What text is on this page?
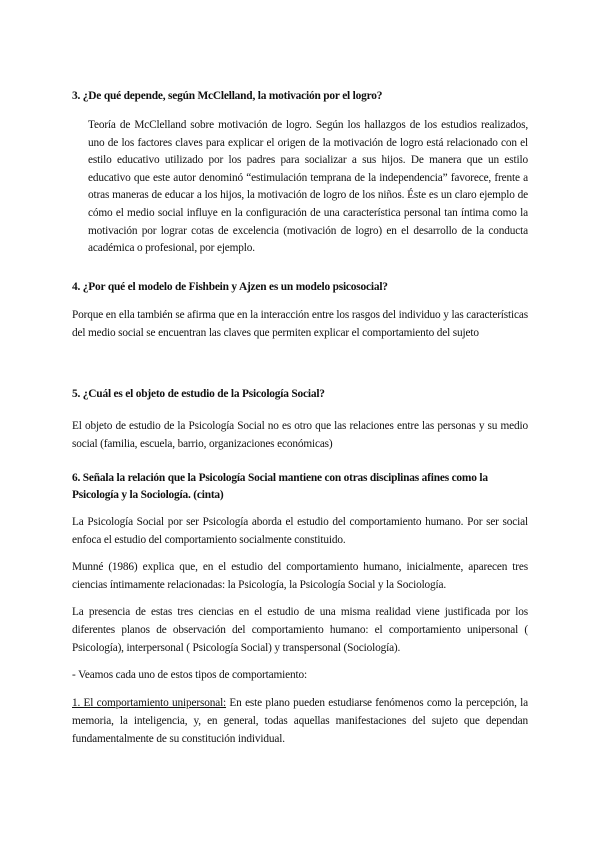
3. ¿De qué depende, según McClelland, la motivación por el logro?

Teoría de McClelland sobre motivación de logro. Según los hallazgos de los estudios realizados, uno de los factores claves para explicar el origen de la motivación de logro está relacionado con el estilo educativo utilizado por los padres para socializar a sus hijos. De manera que un estilo educativo que este autor denominó “estimulación temprana de la independencia” favorece, frente a otras maneras de educar a los hijos, la motivación de logro de los niños. Éste es un claro ejemplo de cómo el medio social influye en la configuración de una característica personal tan íntima como la motivación por lograr cotas de excelencia (motivación de logro) en el desarrollo de la conducta académica o profesional, por ejemplo.

4. ¿Por qué el modelo de Fishbein y Ajzen es un modelo psicosocial?

Porque en ella también se afirma que en la interacción entre los rasgos del individuo y las características del medio social se encuentran las claves que permiten explicar el comportamiento del sujeto

5. ¿Cuál es el objeto de estudio de la Psicología Social?

El objeto de estudio de la Psicología Social no es otro que las relaciones entre las personas y su medio social (familia, escuela, barrio, organizaciones económicas)

6. Señala la relación que la Psicología Social mantiene con otras disciplinas afines como la Psicología y la Sociología. (cinta)

La Psicología Social por ser Psicología aborda el estudio del comportamiento humano. Por ser social enfoca el estudio del comportamiento socialmente constituido.

Munné (1986) explica que, en el estudio del comportamiento humano, inicialmente, aparecen tres ciencias íntimamente relacionadas: la Psicología, la Psicología Social y la Sociología.

La presencia de estas tres ciencias en el estudio de una misma realidad viene justificada por los diferentes planos de observación del comportamiento humano: el comportamiento unipersonal ( Psicología), interpersonal ( Psicología Social) y transpersonal (Sociología).

- Veamos cada uno de estos tipos de comportamiento:

1. El comportamiento unipersonal: En este plano pueden estudiarse fenómenos como la percepción, la memoria, la inteligencia, y, en general, todas aquellas manifestaciones del sujeto que dependan fundamentalmente de su constitución individual.
